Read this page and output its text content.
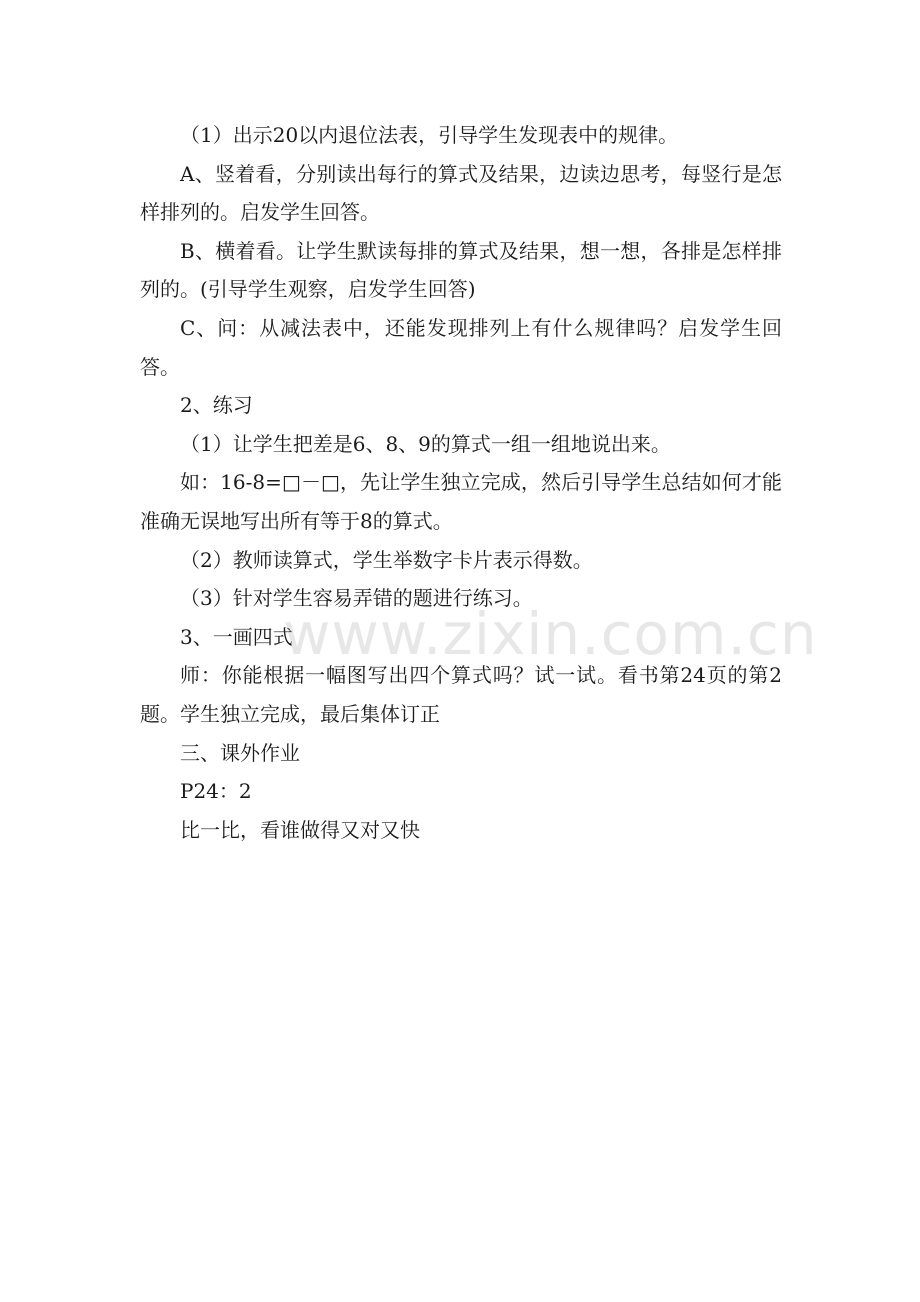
（1）出示20以内退位法表，引导学生发现表中的规律。

A、竖着看，分别读出每行的算式及结果，边读边思考，每竖行是怎样排列的。启发学生回答。

B、横着看。让学生默读每排的算式及结果，想一想，各排是怎样排列的。(引导学生观察，启发学生回答)

C、问：从减法表中，还能发现排列上有什么规律吗？启发学生回答。

2、练习

（1）让学生把差是6、8、9的算式一组一组地说出来。

如：16-8=□－□，先让学生独立完成，然后引导学生总结如何才能准确无误地写出所有等于8的算式。

（2）教师读算式，学生举数字卡片表示得数。

（3）针对学生容易弄错的题进行练习。

3、一画四式

师：你能根据一幅图写出四个算式吗？试一试。看书第24页的第2题。学生独立完成，最后集体订正

三、课外作业

P24：2

比一比，看谁做得又对又快

www.zixin.com.cn
